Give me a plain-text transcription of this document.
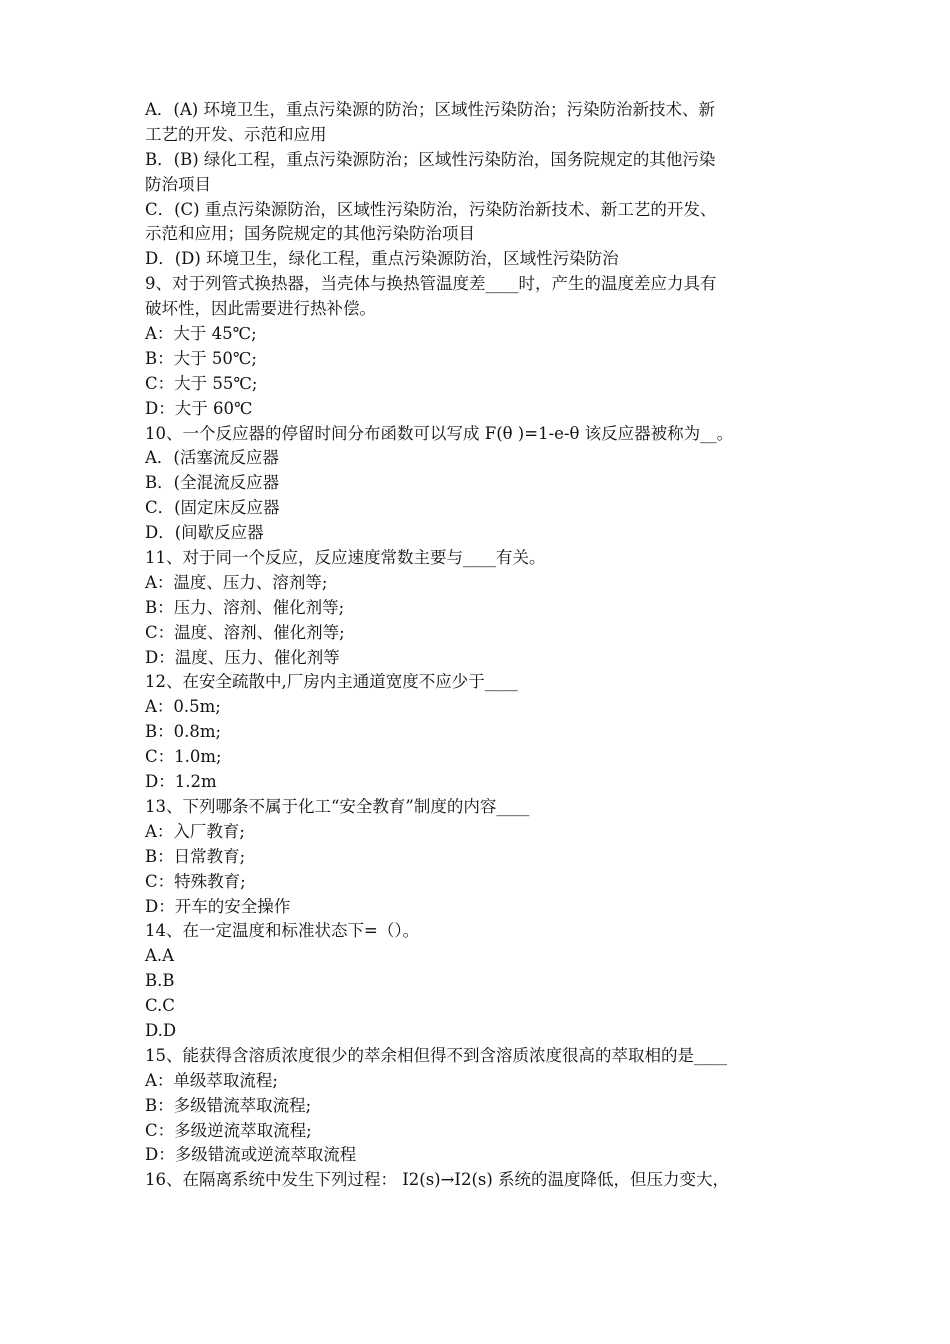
A．(A) 环境卫生，重点污染源的防治；区域性污染防治；污染防治新技术、新
工艺的开发、示范和应用
B．(B) 绿化工程，重点污染源防治；区域性污染防治，国务院规定的其他污染
防治项目
C．(C) 重点污染源防治，区域性污染防治，污染防治新技术、新工艺的开发、
示范和应用；国务院规定的其他污染防治项目
D．(D) 环境卫生，绿化工程，重点污染源防治，区域性污染防治
9、对于列管式换热器，当壳体与换热管温度差____时，产生的温度差应力具有
破坏性，因此需要进行热补偿。
A：大于 45℃;
B：大于 50℃;
C：大于 55℃;
D：大于 60℃
10、一个反应器的停留时间分布函数可以写成 F(θ )=1-e-θ 该反应器被称为__。
A．(活塞流反应器
B．(全混流反应器
C．(固定床反应器
D．(间歇反应器
11、对于同一个反应，反应速度常数主要与____有关。
A：温度、压力、溶剂等;
B：压力、溶剂、催化剂等;
C：温度、溶剂、催化剂等;
D：温度、压力、催化剂等
12、在安全疏散中,厂房内主通道宽度不应少于____
A：0.5m;
B：0.8m;
C：1.0m;
D：1.2m
13、下列哪条不属于化工“安全教育”制度的内容____
A：入厂教育;
B：日常教育;
C：特殊教育;
D：开车的安全操作
14、在一定温度和标准状态下=（）。
A.A
B.B
C.C
D.D
15、能获得含溶质浓度很少的萃余相但得不到含溶质浓度很高的萃取相的是____
A：单级萃取流程;
B：多级错流萃取流程;
C：多级逆流萃取流程;
D：多级错流或逆流萃取流程
16、在隔离系统中发生下列过程： I2(s)→I2(s) 系统的温度降低，但压力变大，
